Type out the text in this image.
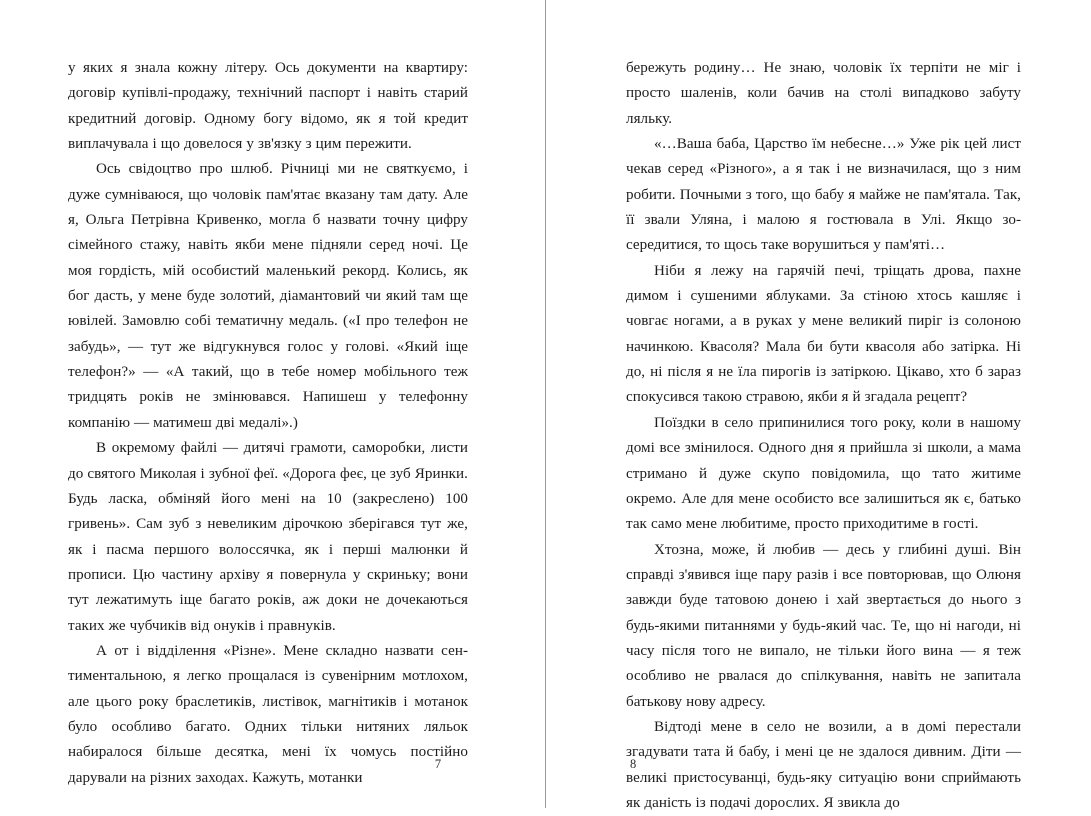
у яких я знала кожну літеру. Ось документи на квартиру: договір купівлі-продажу, технічний паспорт і навіть старий кредитний договір. Одному богу відомо, як я той кредит виплачувала і що довелося у зв'язку з цим пережити.

Ось свідоцтво про шлюб. Річниці ми не святкуємо, і дуже сумніваюся, що чоловік пам'ятає вказану там дату. Але я, Ольга Петрівна Кривенко, могла б назвати точну цифру сімейного стажу, навіть якби мене підняли серед ночі. Це моя гордість, мій особистий маленький рекорд. Колись, як бог дасть, у мене буде золотий, діамантовий чи який там ще ювілей. Замовлю собі тематичну медаль. («І про телефон не забудь», — тут же відгукнувся голос у голові. «Який іще телефон?» — «А такий, що в тебе номер мобільного теж тридцять років не змінювався. Напишеш у телефонну компанію — матимеш дві медалі».)

В окремому файлі — дитячі грамоти, саморобки, листи до святого Миколая і зубної феї. «Дорога феє, це зуб Яринки. Будь ласка, обміняй його мені на 10 (закреслено) 100 гривень». Сам зуб з невеликим дірочкою зберігався тут же, як і пасма першого волоссячка, як і перші малюнки й прописи. Цю частину архіву я повернула у скриньку; вони тут лежатимуть іще багато років, аж доки не дочекаються таких же чубчиків від онуків і правнуків.

А от і відділення «Різне». Мене складно назвати сентиментальною, я легко прощалася із сувенірним мотлохом, але цього року браслетиків, листівок, магнітиків і мотанок було особливо багато. Одних тільки нитяних ляльок набиралося більше десятка, мені їх чомусь постійно дарували на різних заходах. Кажуть, мотанки

бережуть родину… Не знаю, чоловік їх терпіти не міг і просто шаленів, коли бачив на столі випадково забуту ляльку.

«…Ваша баба, Царство їм небесне…» Уже рік цей лист чекав серед «Різного», а я так і не визначилася, що з ним робити. Почными з того, що бабу я майже не пам'ятала. Так, її звали Уляна, і малою я гостювала в Улі. Якщо зосередитися, то щось таке ворушиться у пам'яті…

Ніби я лежу на гарячій печі, тріщать дрова, пахне димом і сушеними яблуками. За стіною хтось кашляє і човгає ногами, а в руках у мене великий пиріг із солоною начинкою. Квасоля? Мала би бути квасоля або затірка. Ні до, ні після я не їла пирогів із затіркою. Цікаво, хто б зараз спокусився такою стравою, якби я й згадала рецепт?

Поїздки в село припинилися того року, коли в нашому домі все змінилося. Одного дня я прийшла зі школи, а мама стримано й дуже скупо повідомила, що тато житиме окремо. Але для мене особисто все залишиться як є, батько так само мене любитиме, просто приходитиме в гості.

Хтозна, може, й любив — десь у глибині душі. Він справді з'явився іще пару разів і все повторював, що Олюня завжди буде татовою донею і хай звертається до нього з будь-якими питаннями у будь-який час. Те, що ні нагоди, ні часу після того не випало, не тільки його вина — я теж особливо не рвалася до спілкування, навіть не запитала батькову нову адресу.

Відтоді мене в село не возили, а в домі перестали згадувати тата й бабу, і мені це не здалося дивним. Діти — великі пристосуванці, будь-яку ситуацію вони сприймають як даність із подачі дорослих. Я звикла до

7	8
